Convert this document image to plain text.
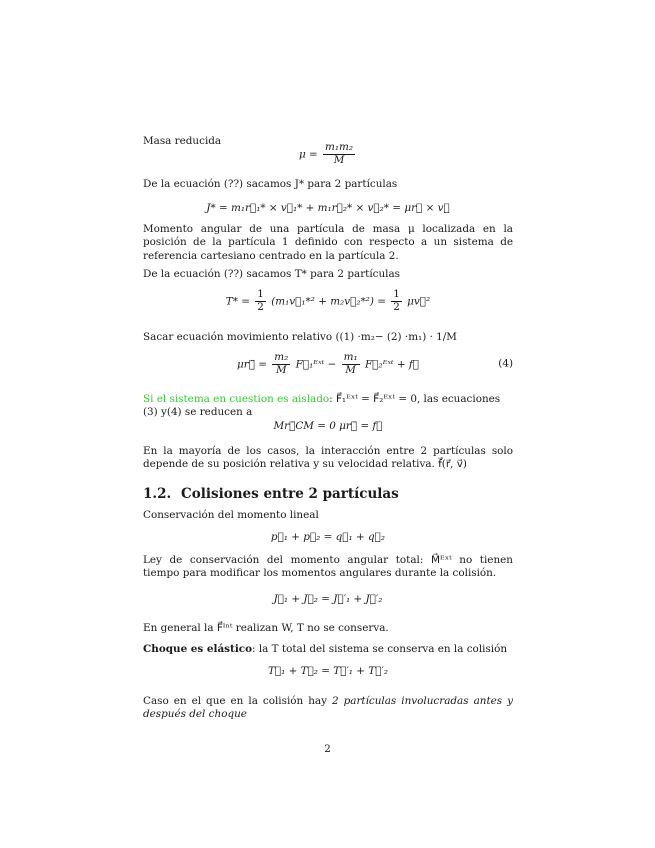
Masa reducida

$\mu = \frac{\text{m₁m₂}}{M}$

De la ecuación (??) sacamos J* para 2 partículas

J* = m₁r⃗₁* × v⃗₁* + m₁r⃗₂* × v⃗₂* = μr⃗ × v⃗

Momento angular de una partícula de masa μ localizada en la posición de la partícula 1 definido con respecto a un sistema de referencia cartesiano centrado en la partícula 2.

De la ecuación (??) sacamos T* para 2 partículas

$T* = \frac{1}{2}$ (m₁v⃗₁*² + m₂v⃗₂*²) = $\frac{1}{2}$ μv⃗²

Sacar ecuación movimiento relativo ((1) ·m₂− (2) ·m₁) · 1/M

μr⃗̈ = $\frac{\text{m₂}}{M}$ F⃗₁ᴱˣᵗ − $\frac{\text{m₁}}{M}$ F⃗₂ᴱˣᵗ + f⃗	(4)

Si el sistema en cuestion es aislado: F⃗₁ᴱˣᵗ = F⃗₂ᴱˣᵗ = 0, las ecuaciones (3) y(4) se reducen a

Mr⃗̈CM = 0 μr⃗̈ = f⃗

En la mayoría de los casos, la interacción entre 2 partículas solo depende de su posición relativa y su velocidad relativa. f⃗(r⃗, v⃗)

1.2. Colisiones entre 2 partículas

Conservación del momento lineal

p⃗₁ + p⃗₂ = q⃗₁ + q⃗₂

Ley de conservación del momento angular total: M⃗ᴱˣᵗ no tienen tiempo para modificar los momentos angulares durante la colisión.

J⃗₁ + J⃗₂ = J⃗′₁ + J⃗′₂

En general la F⃗ᴵⁿᵗ realizan W, T no se conserva.

Choque es elástico: la T total del sistema se conserva en la colisión

T⃗₁ + T⃗₂ = T⃗′₁ + T⃗′₂

Caso en el que en la colisión hay 2 partículas involucradas antes y después del choque

2
